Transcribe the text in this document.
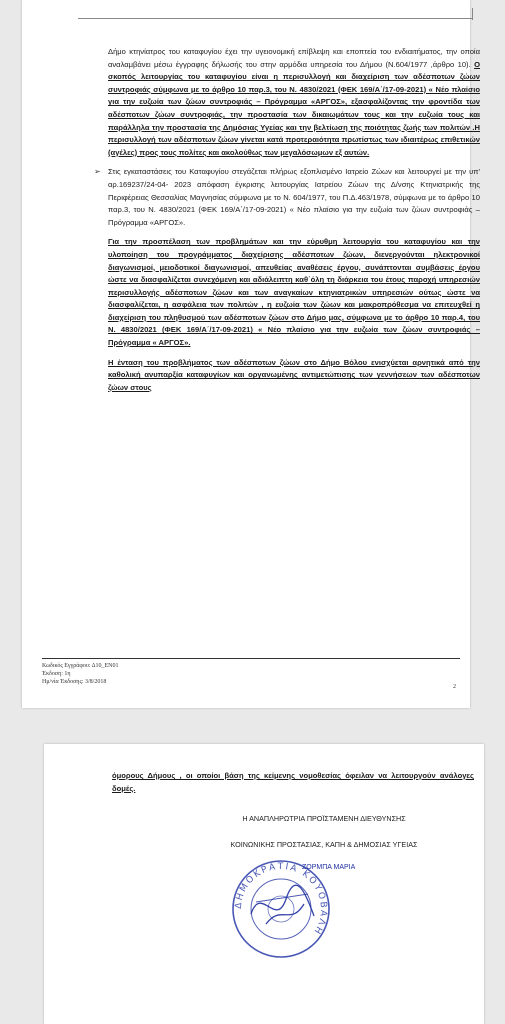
Δήμο κτηνίατρος του καταφυγίου έχει την υγειονομική επίβλεψη και εποπτεία του ενδιαιτήματος, την οποία αναλαμβάνει μέσω έγγραφης δήλωσής του στην αρμόδια υπηρεσία του Δήμου (Ν.604/1977 ,άρθρο 10). Ο σκοπός λειτουργίας του καταφυγίου είναι η περισυλλογή και διαχείριση των αδέσποτων ζώων συντροφιάς σύμφωνα με το άρθρο 10 παρ.3, του Ν. 4830/2021 (ΦΕΚ 169/Α΄/17-09-2021) « Νέο πλαίσιο για την ευζωία των ζώων συντροφιάς – Πρόγραμμα «ΑΡΓΟΣ», εξασφαλίζοντας την φροντίδα των αδέσποτων ζώων συντροφιάς, την προστασία των δικαιωμάτων τους και την ευζωία τους και παράλληλα την προστασία της Δημόσιας Υγείας και την βελτίωση της ποιότητας ζωής των πολιτών .Η περισυλλογή των αδέσποτων ζώων γίνεται κατά προτεραιότητα πρωτίστως των ιδιαιτέρως επιθετικών (αγέλες) προς τους πολίτες και ακολούθως των μεγαλόσωμων εξ αυτών.

➢ Στις εγκαταστάσεις του Καταφυγίου στεγάζεται πλήρως εξοπλισμένο Ιατρείο Ζώων και λειτουργεί με την υπ' αρ.169237/24-04- 2023 απόφαση έγκρισης λειτουργίας Ιατρείου Ζώων της Δ/νσης Κτηνιατρικής της Περιφέρειας Θεσσαλίας Μαγνησίας σύμφωνα με το Ν. 604/1977, του Π.Δ.463/1978, σύμφωνα με το άρθρο 10 παρ.3, του Ν. 4830/2021 (ΦΕΚ 169/Α΄/17-09-2021) « Νέο πλαίσιο για την ευζωία των ζώων συντροφιάς – Πρόγραμμα «ΑΡΓΟΣ».

Για την προσπέλαση των προβλημάτων και την εύρυθμη λειτουργία του καταφυγίου και την υλοποίηση του προγράμματος διαχείρισης αδέσποτων ζώων, διενεργούνται ηλεκτρονικοί διαγωνισμοί, μειοδοτικοί διαγωνισμοί, απευθείας αναθέσεις έργου, συνάπτονται συμβάσεις έργου ώστε να διασφαλίζεται συνεχόμενη και αδιάλειπτη καθ΄όλη τη διάρκεια του έτους παροχή υπηρεσιών περισυλλογής αδέσποτων ζώων και των αναγκαίων κτηνιατρικών υπηρεσιών ούτως ώστε να διασφαλίζεται, η ασφάλεια των πολιτών , η ευζωία των ζώων και μακροπρόθεσμα να επιτευχθεί η διαχείριση του πληθυσμού των αδέσποτων ζώων στο Δήμο μας, σύμφωνα με το άρθρο 10 παρ.4, του Ν. 4830/2021 (ΦΕΚ 169/Α΄/17-09-2021) « Νέο πλαίσιο για την ευζωία των ζώων συντροφιάς – Πρόγραμμα « ΑΡΓΟΣ».

Η ένταση του προβλήματος των αδέσποτων ζώων στο Δήμο Βόλου ενισχύεται αρνητικά από την καθολική ανυπαρξία καταφυγίων και οργανωμένης αντιμετώπισης των γεννήσεων των αδέσποτων ζώων στους

Κωδικός Εγγράφου: Δ10_ΕΝ01
Έκδοση: 1η
Ημ/νία Έκδοσης: 3/8/2018
2

όμορους Δήμους , οι οποίοι βάση της κείμενης νομοθεσίας όφειλαν να λειτουργούν ανάλογες δομές.

Η ΑΝΑΠΛΗΡΩΤΡΙΑ ΠΡΟΪΣΤΑΜΕΝΗ ΔΙΕΥΘΥΝΣΗΣ
ΚΟΙΝΩΝΙΚΗΣ ΠΡΟΣΤΑΣΙΑΣ, ΚΑΠΗ & ΔΗΜΟΣΙΑΣ ΥΓΕΙΑΣ
ΔΗΜΟΚΡΑΤΙΑ ΚΟΥΟΒΑΛΗ
ΖΟΡΜΠΑ ΜΑΡΙΑ
